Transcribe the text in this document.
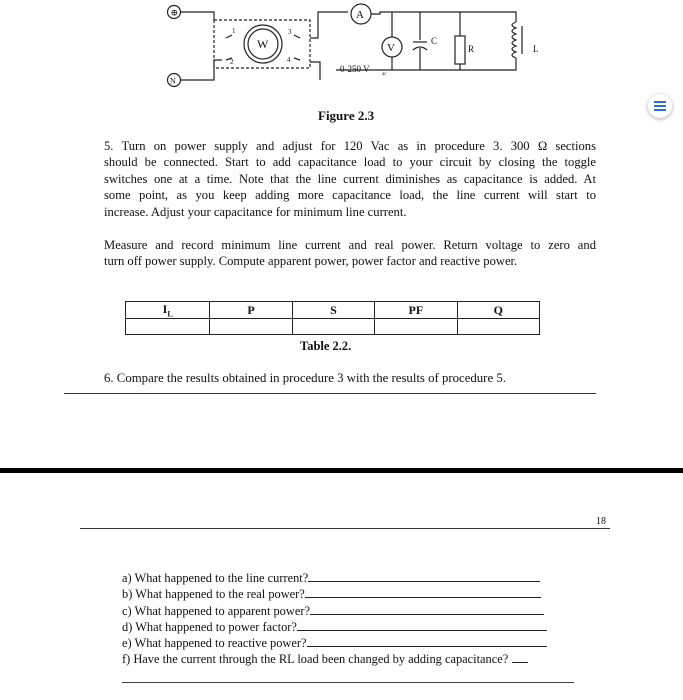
⊕
N
W
1
2
3
4
A
V
0-250 V
ac
C
R	L
Figure 2.3
5. Turn on power supply and adjust for 120 Vac as in procedure 3. 300 Ω sections
should be connected. Start to add capacitance load to your circuit by closing the toggle
switches one at a time. Note that the line current diminishes as capacitance is added. At
some point, as you keep adding more capacitance load, the line current will start to
increase. Adjust your capacitance for minimum line current.
Measure and record minimum line current and real power. Return voltage to zero and
turn off power supply. Compute apparent power, power factor and reactive power.
$I_L$	P	S	PF	Q

Table 2.2.
6. Compare the results obtained in procedure 3 with the results of procedure 5.
18
a) What happened to the line current?
b) What happened to the real power?
c) What happened to apparent power?
d) What happened to power factor?
e) What happened to reactive power?
f) Have the current through the RL load been changed by adding capacitance?
